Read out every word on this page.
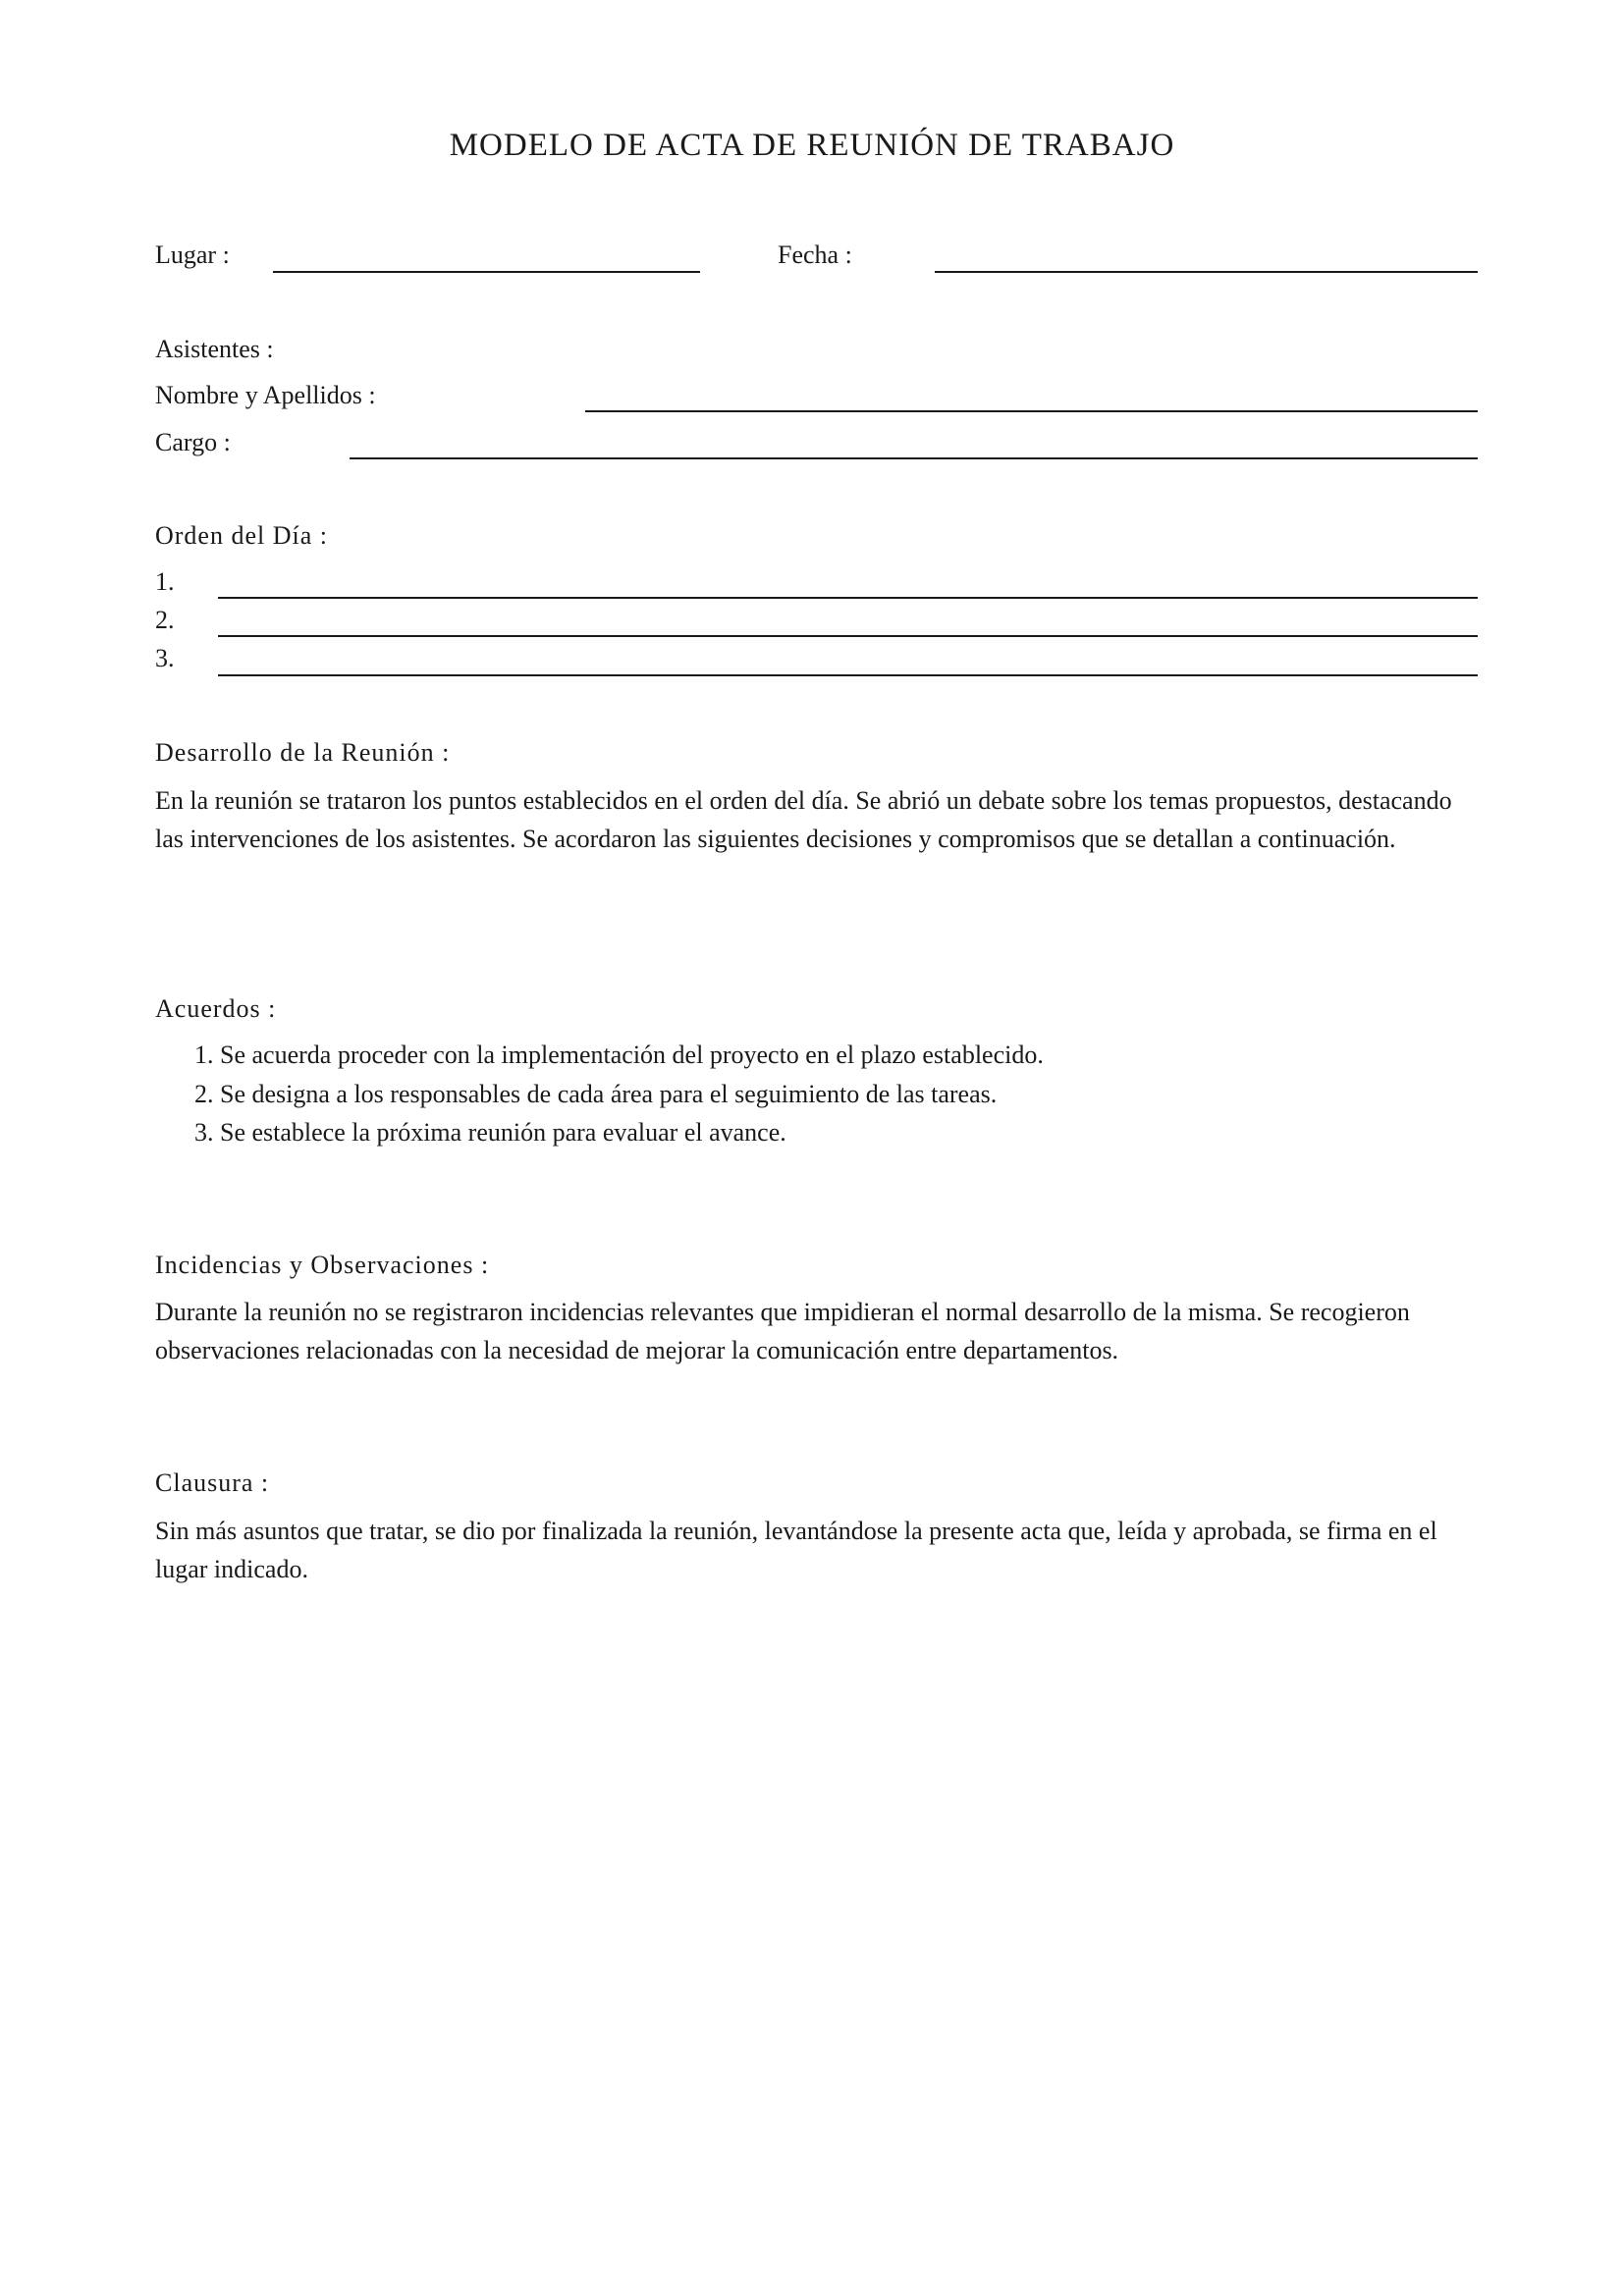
MODELO DE ACTA DE REUNIÓN DE TRABAJO
Lugar :	Fecha :
Asistentes :
Nombre y Apellidos :
Cargo :
Orden del Día :
1.
2.
3.
Desarrollo de la Reunión :
En la reunión se trataron los puntos establecidos en el orden del día. Se abrió un debate sobre los temas propuestos, destacando las intervenciones de los asistentes. Se acordaron las siguientes decisiones y compromisos que se detallan a continuación.
Acuerdos :
1. Se acuerda proceder con la implementación del proyecto en el plazo establecido.
2. Se designa a los responsables de cada área para el seguimiento de las tareas.
3. Se establece la próxima reunión para evaluar el avance.
Incidencias y Observaciones :
Durante la reunión no se registraron incidencias relevantes que impidieran el normal desarrollo de la misma. Se recogieron observaciones relacionadas con la necesidad de mejorar la comunicación entre departamentos.
Clausura :
Sin más asuntos que tratar, se dio por finalizada la reunión, levantándose la presente acta que, leída y aprobada, se firma en el lugar indicado.
